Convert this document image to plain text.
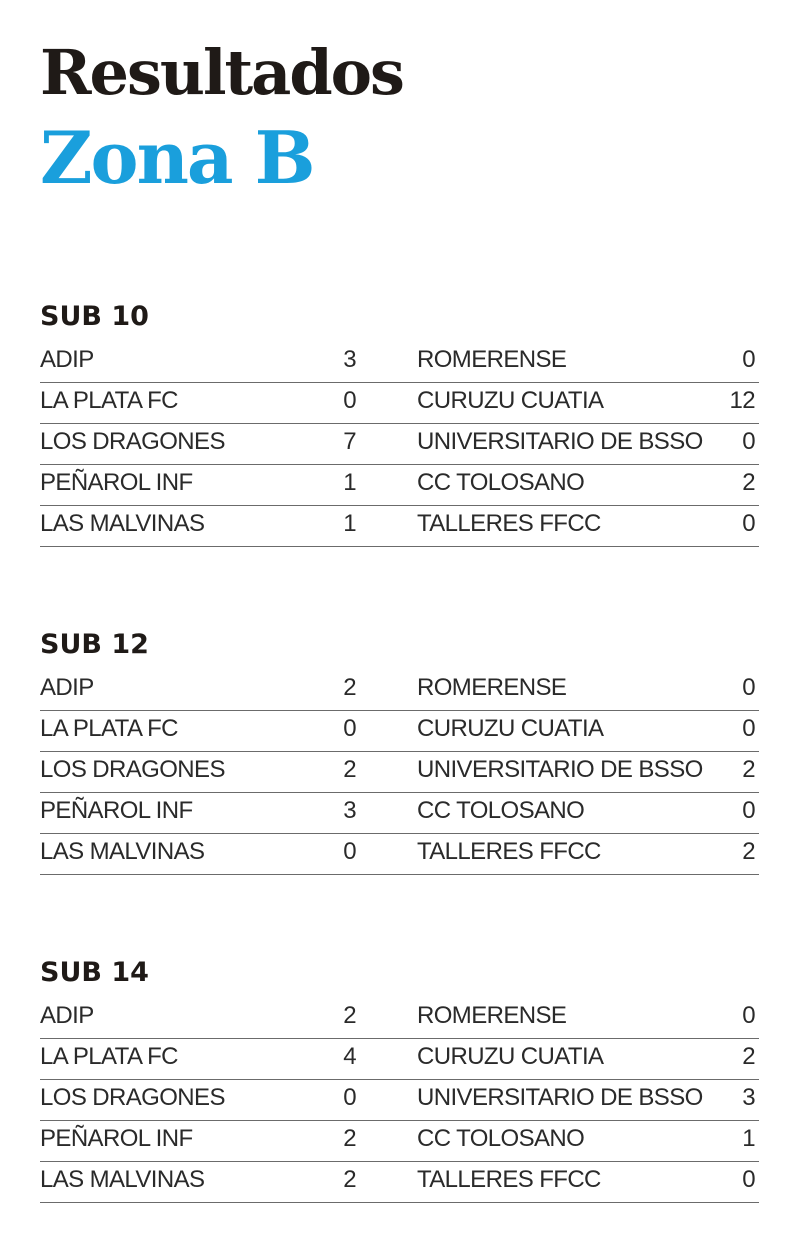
Resultados
Zona B
SUB 10
ADIP	3	ROMERENSE	0
LA PLATA FC	0	CURUZU CUATIA	12
LOS DRAGONES	7	UNIVERSITARIO DE BSSO 0
PEÑAROL INF	1	CC TOLOSANO	2
LAS MALVINAS	1	TALLERES FFCC	0
SUB 12
ADIP	2	ROMERENSE	0
LA PLATA FC	0	CURUZU CUATIA	0
LOS DRAGONES	2	UNIVERSITARIO DE BSSO 2
PEÑAROL INF	3	CC TOLOSANO	0
LAS MALVINAS	0	TALLERES FFCC	2
SUB 14
ADIP	2	ROMERENSE	0
LA PLATA FC	4	CURUZU CUATIA	2
LOS DRAGONES	0	UNIVERSITARIO DE BSSO 3
PEÑAROL INF	2	CC TOLOSANO	1
LAS MALVINAS	2	TALLERES FFCC	0
